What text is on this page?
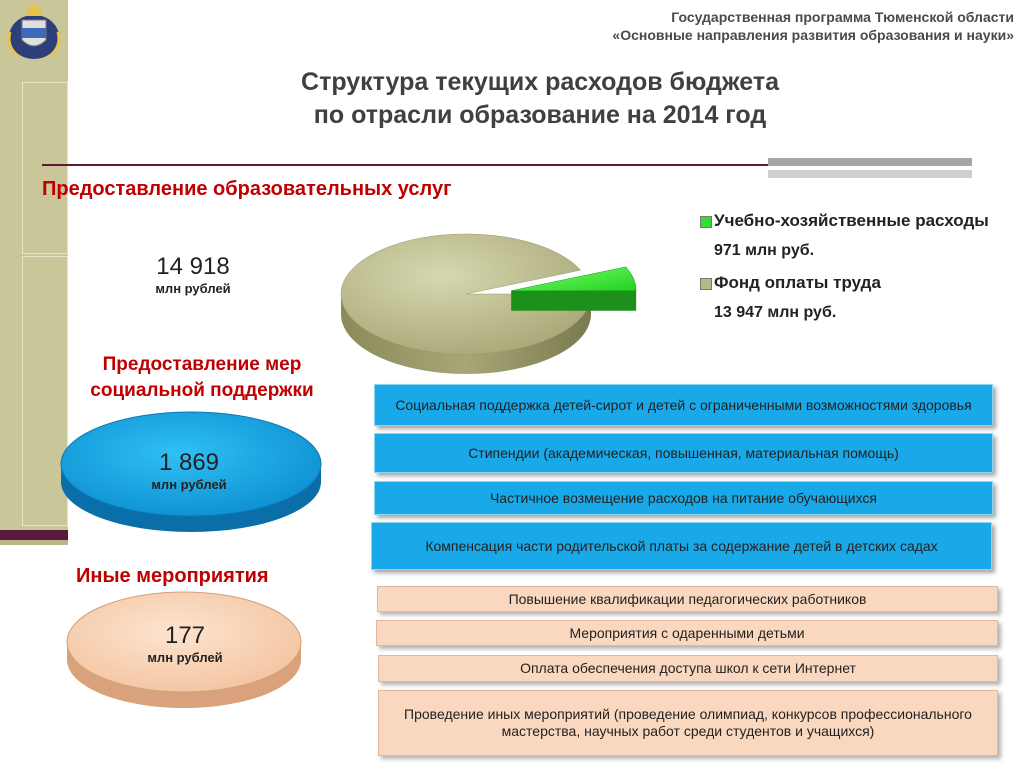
Государственная программа Тюменской области
«Основные направления развития образования и науки»
Структура текущих расходов бюджета
по отрасли образование на 2014 год
Предоставление образовательных услуг
14 918
млн рублей
Учебно-хозяйственные расходы
971 млн руб.
Фонд оплаты труда
13 947 млн руб.
Предоставление мер социальной поддержки
1 869
млн рублей
Социальная поддержка детей-сирот и детей с ограниченными возможностями здоровья
Стипендии (академическая, повышенная, материальная помощь)
Частичное возмещение расходов на питание обучающихся
Компенсация части родительской платы за содержание детей в детских садах
Иные мероприятия
177
млн рублей
Повышение квалификации педагогических работников
Мероприятия с одаренными детьми
Оплата обеспечения доступа школ к сети Интернет
Проведение иных мероприятий (проведение олимпиад, конкурсов профессионального мастерства, научных работ среди студентов и учащихся)
